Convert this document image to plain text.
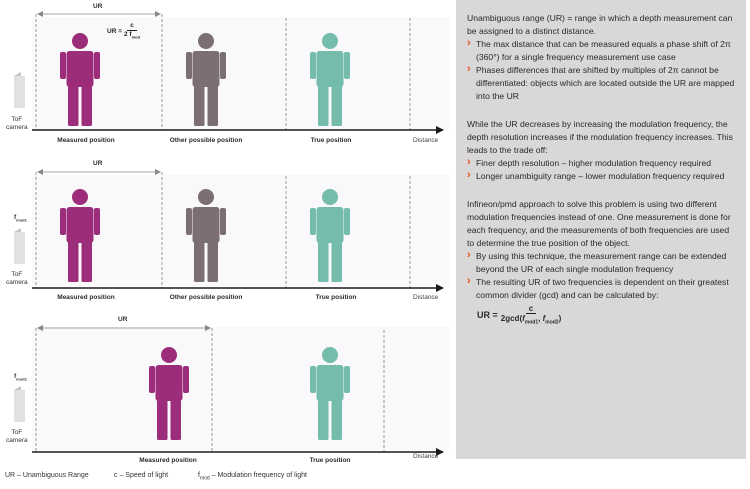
UR
UR = $\frac{c}{2 f_{mod}}$
ToF
camera
Measured position	Other possible position	True position	Distance
UR
$f_{mod1}$
ToF
camera
Measured position	Other possible position	True position	Distance
UR
$f_{mod2}$
ToF
camera
Measured position	True position
Distance
UR – Unambiguous Range	c – Speed of light	$f_{mod}$ – Modulation frequency of light

Unambiguous range (UR) = range in which a depth measurement can be assigned to a distinct distance.

› The max distance that can be measured equals a phase shift of 2π (360°) for a single frequency measurement use case
› Phases differences that are shifted by multiples of 2π cannot be differentiated: objects which are located outside the UR are mapped into the UR

While the UR decreases by increasing the modulation frequency, the depth resolution increases if the modulation frequency increases. This leads to the trade off:

› Finer depth resolution – higher modulation frequency required
› Longer unambiguity range – lower modulation frequency required

Infineon/pmd approach to solve this problem is using two different modulation frequencies instead of one. One measurement is done for each frequency, and the measurements of both frequencies are used to determine the true position of the object.

› By using this technique, the measurement range can be extended beyond the UR of each single modulation frequency
› The resulting UR of two frequencies is dependent on their greatest common divider (gcd) and can be calculated by:
UR = $\frac{c}{2\gcd(f_{mod1}, f_{mod2})}$
